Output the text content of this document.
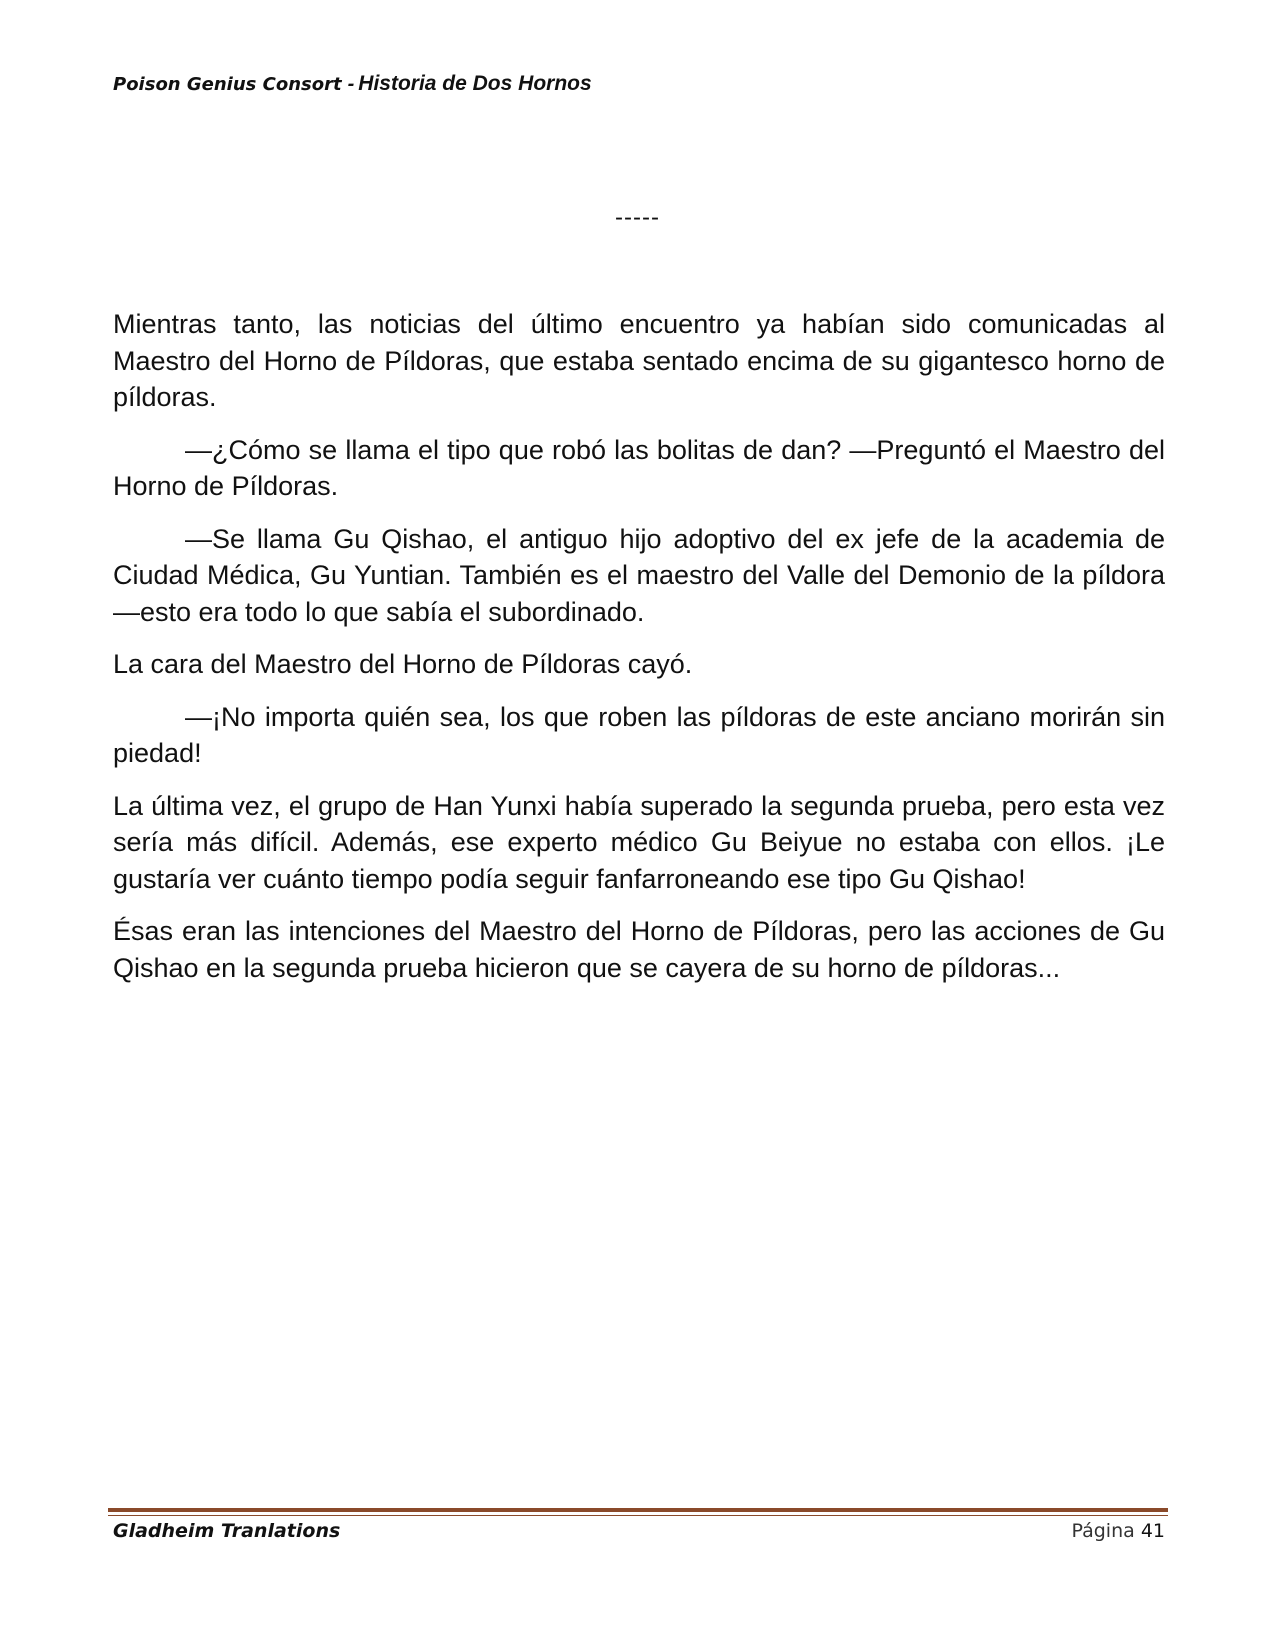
Poison Genius Consort - Historia de Dos Hornos
-----

Mientras tanto, las noticias del último encuentro ya habían sido comunicadas al Maestro del Horno de Píldoras, que estaba sentado encima de su gigantesco horno de píldoras.

—¿Cómo se llama el tipo que robó las bolitas de dan? —Preguntó el Maestro del Horno de Píldoras.

—Se llama Gu Qishao, el antiguo hijo adoptivo del ex jefe de la academia de Ciudad Médica, Gu Yuntian. También es el maestro del Valle del Demonio de la píldora —esto era todo lo que sabía el subordinado.

La cara del Maestro del Horno de Píldoras cayó.

—¡No importa quién sea, los que roben las píldoras de este anciano morirán sin piedad!

La última vez, el grupo de Han Yunxi había superado la segunda prueba, pero esta vez sería más difícil. Además, ese experto médico Gu Beiyue no estaba con ellos. ¡Le gustaría ver cuánto tiempo podía seguir fanfarroneando ese tipo Gu Qishao!

Ésas eran las intenciones del Maestro del Horno de Píldoras, pero las acciones de Gu Qishao en la segunda prueba hicieron que se cayera de su horno de píldoras...

Gladheim Tranlations	Página 41
